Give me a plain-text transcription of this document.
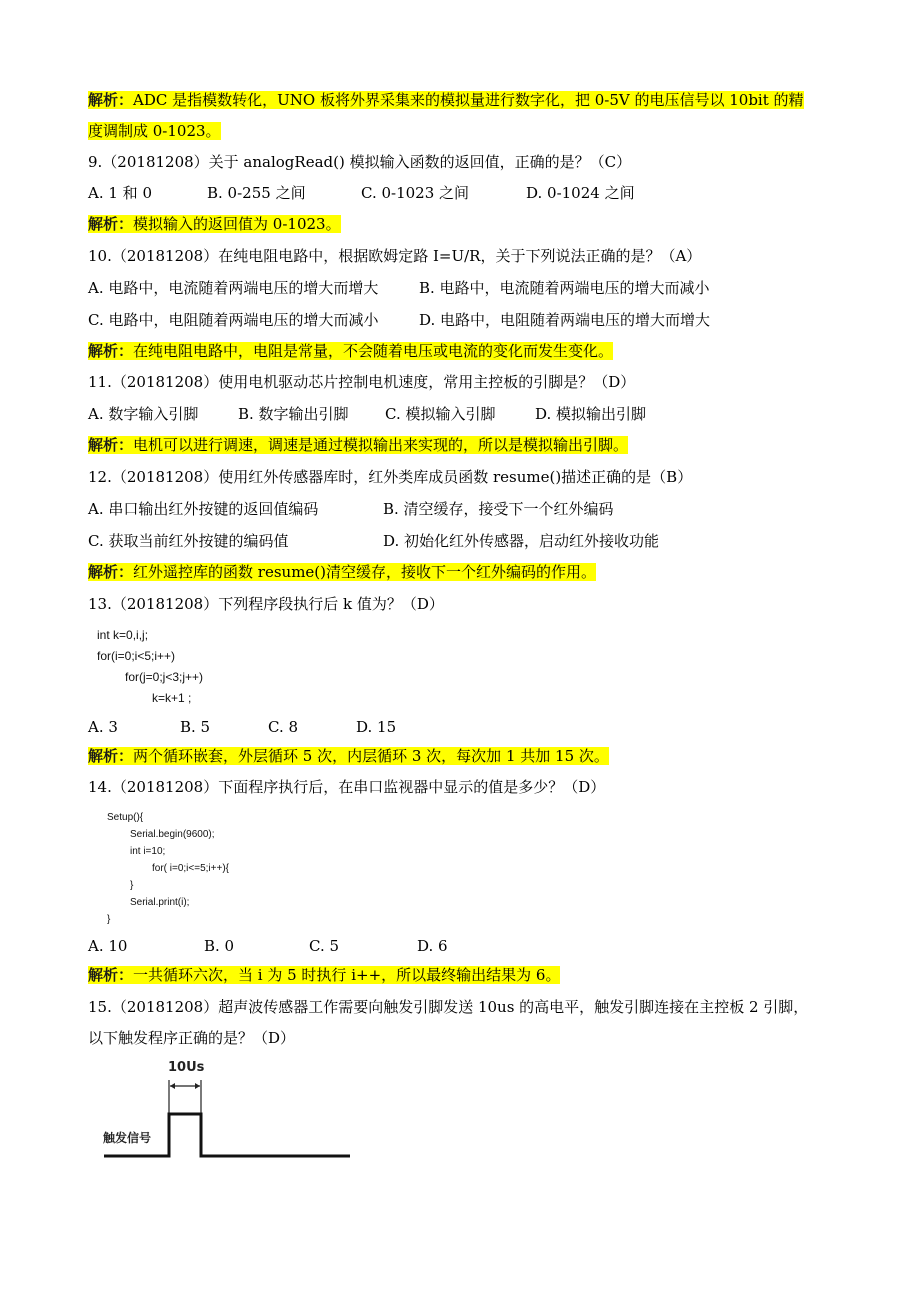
解析：ADC 是指模数转化，UNO 板将外界采集来的模拟量进行数字化，把 0-5V 的电压信号以 10bit 的精
度调制成 0-1023。
9.（20181208）关于 analogRead() 模拟输入函数的返回值，正确的是？（C）
A. 1 和 0	B. 0-255 之间	C. 0-1023 之间	D. 0-1024 之间
解析：模拟输入的返回值为 0-1023。
10.（20181208）在纯电阻电路中，根据欧姆定路 I=U/R，关于下列说法正确的是？（A）
A. 电路中，电流随着两端电压的增大而增大	B. 电路中，电流随着两端电压的增大而减小
C. 电路中，电阻随着两端电压的增大而减小	D. 电路中，电阻随着两端电压的增大而增大
解析：在纯电阻电路中，电阻是常量，不会随着电压或电流的变化而发生变化。
11.（20181208）使用电机驱动芯片控制电机速度，常用主控板的引脚是？（D）
A. 数字输入引脚	B. 数字输出引脚 C. 模拟输入引脚	D. 模拟输出引脚
解析：电机可以进行调速，调速是通过模拟输出来实现的，所以是模拟输出引脚。
12.（20181208）使用红外传感器库时，红外类库成员函数 resume()描述正确的是（B）
A. 串口输出红外按键的返回值编码	B. 清空缓存，接受下一个红外编码
C. 获取当前红外按键的编码值	D. 初始化红外传感器，启动红外接收功能
解析：红外遥控库的函数 resume()清空缓存，接收下一个红外编码的作用。
13.（20181208）下列程序段执行后 k 值为？（D）
int k=0,i,j;
for(i=0;i<5;i++)
for(j=0;j<3;j++)
k=k+1 ;
A. 3	B. 5	C. 8	D. 15
解析：两个循环嵌套，外层循环 5 次，内层循环 3 次，每次加 1 共加 15 次。
14.（20181208）下面程序执行后，在串口监视器中显示的值是多少？（D）
Setup(){
Serial.begin(9600);
int i=10;
for( i=0;i<=5;i++){
}
Serial.print(i);
}
A. 10	B. 0	C. 5	D. 6
解析：一共循环六次，当 i 为 5 时执行 i++，所以最终输出结果为 6。
15.（20181208）超声波传感器工作需要向触发引脚发送 10us 的高电平，触发引脚连接在主控板 2 引脚，
以下触发程序正确的是？（D）
10Us
触发信号
